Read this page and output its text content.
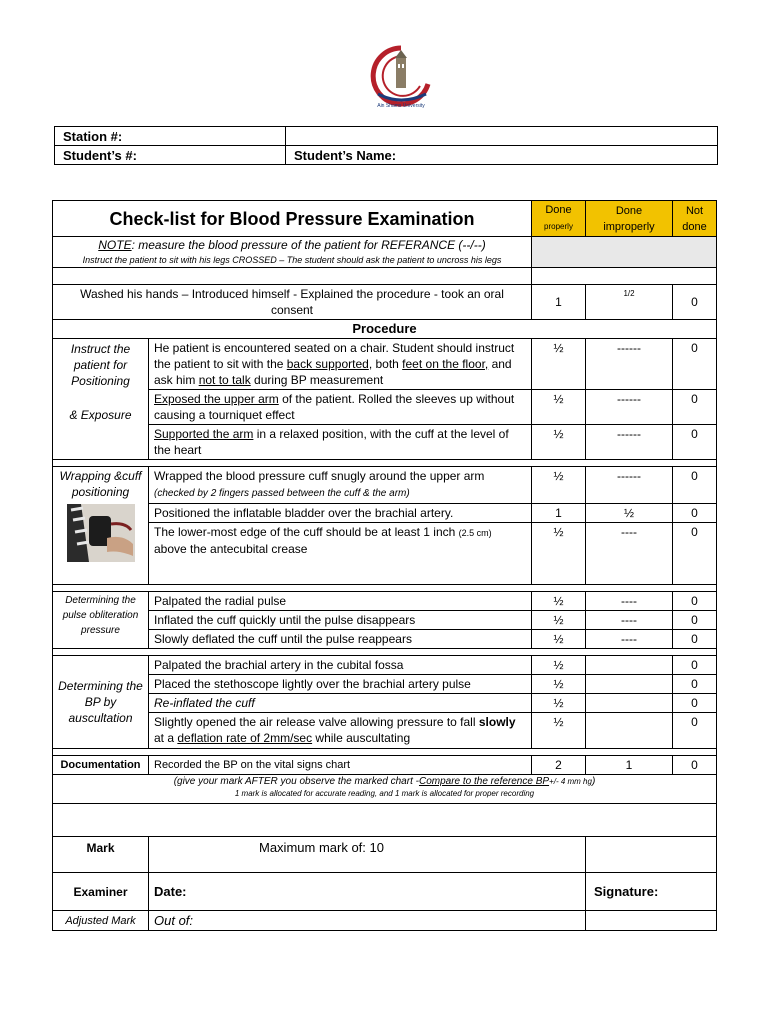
Ain Shams University
Station #:	
Student’s #:	Student’s Name:
Check-list for Blood Pressure Examination		Done
properly	Done improperly	Not done
NOTE: measure the blood pressure of the patient for REFERANCE (--/--)
Instruct the patient to sit with his legs CROSSED – The student should ask the patient to uncross his legs				

Washed his hands – Introduced himself - Explained the procedure - took an oral consent		1	1/2	0
Procedure				

Instruct the patient for Positioning
& Exposure	He patient is encountered seated on a chair. Student should instruct the patient to sit with the back supported, both feet on the floor, and ask him not to talk during BP measurement	½	------	0
	Exposed the upper arm of the patient. Rolled the sleeves up without causing a tourniquet effect	½	------	0
	Supported the arm in a relaxed position, with the cuff at the level of the heart	½	------	0

Wrapping &cuff positioning	Wrapped the blood pressure cuff snugly around the upper arm
(checked by 2 fingers passed between the cuff & the arm)	½	------	0
	Positioned the inflatable bladder over the brachial artery.	1	½	0
	The lower-most edge of the cuff should be at least 1 inch (2.5 cm) above the antecubital crease	½	----	0

Determining the pulse obliteration pressure	Palpated the radial pulse	½	----	0
	Inflated the cuff quickly until the pulse disappears	½	----	0
	Slowly deflated the cuff until the pulse reappears	½	----	0

Determining the BP by auscultation	Palpated the brachial artery in the cubital fossa	½		0
	Placed the stethoscope lightly over the brachial artery pulse	½		0
	Re-inflated the cuff	½		0
	Slightly opened the air release valve allowing pressure to fall slowly at a deflation rate of 2mm/sec while auscultating	½		0

Documentation	Recorded the BP on the vital signs chart	2	1	0
(give your mark AFTER you observe the marked chart -Compare to the reference BP+/- 4 mm hg)
1 mark is allocated for accurate reading, and 1 mark is allocated for proper recording				

Mark	Maximum mark of: 10			
Examiner	Date:		Signature:	
Adjusted Mark	Out of:			
